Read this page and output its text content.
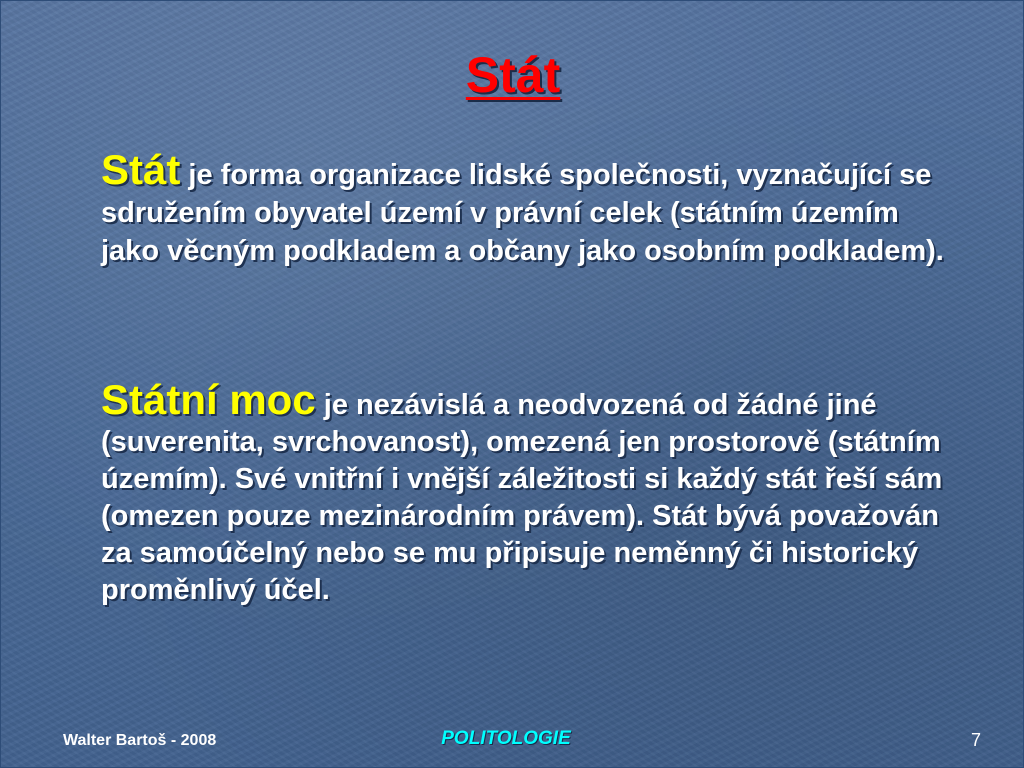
Stát
Stát je forma organizace lidské společnosti, vyznačující se sdružením obyvatel území v právní celek (státním územím jako věcným podkladem a občany jako osobním podkladem).
Státní moc je nezávislá a neodvozená od žádné jiné (suverenita, svrchovanost), omezená jen prostorově (státním územím). Své vnitřní i vnější záležitosti si každý stát řeší sám (omezen pouze mezinárodním právem). Stát bývá považován za samoúčelný nebo se mu připisuje neměnný či historický proměnlivý účel.
Walter Bartoš - 2008	POLITOLOGIE	7
